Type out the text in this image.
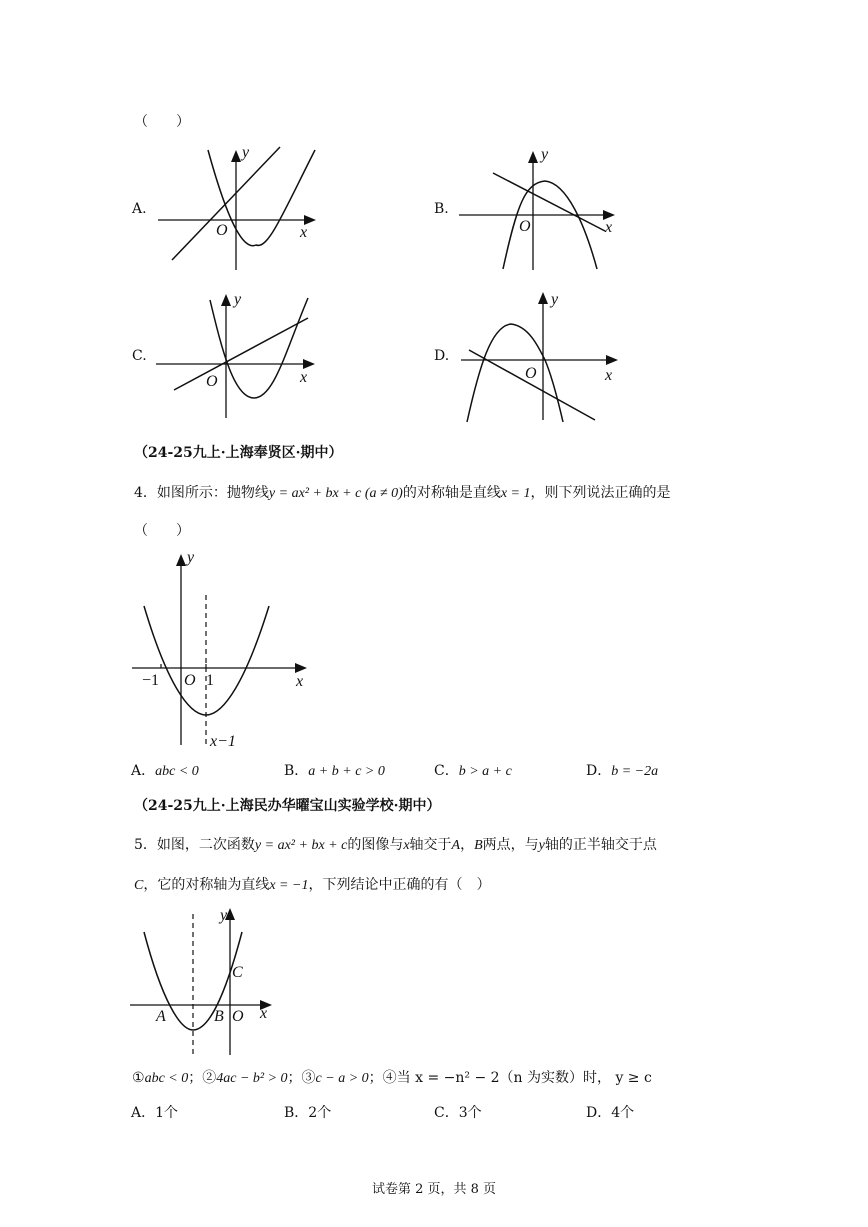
（　　）
A.
O	x
y
B.
O	x
y
C.
O	x
y
D.
O	x
y
（24-25九上·上海奉贤区·期中）
4．如图所示：抛物线y = ax² + bx + c (a ≠ 0)的对称轴是直线x = 1，则下列说法正确的是
（　　）
−1 O 1	x
y
x−1
A．abc < 0	B．a + b + c > 0	C．b > a + c	D．b = −2a
（24-25九上·上海民办华曜宝山实验学校·期中）
5．如图，二次函数y = ax² + bx + c的图像与x轴交于A，B两点，与y轴的正半轴交于点
C，它的对称轴为直线x = −1，下列结论中正确的有（　）
A	B O
C
x
y
①abc < 0；②4ac − b² > 0；③c − a > 0；④当 x = −n² − 2（n 为实数）时， y ≥ c
A．1个	B．2个	C．3个	D．4个
试卷第 2 页，共 8 页
